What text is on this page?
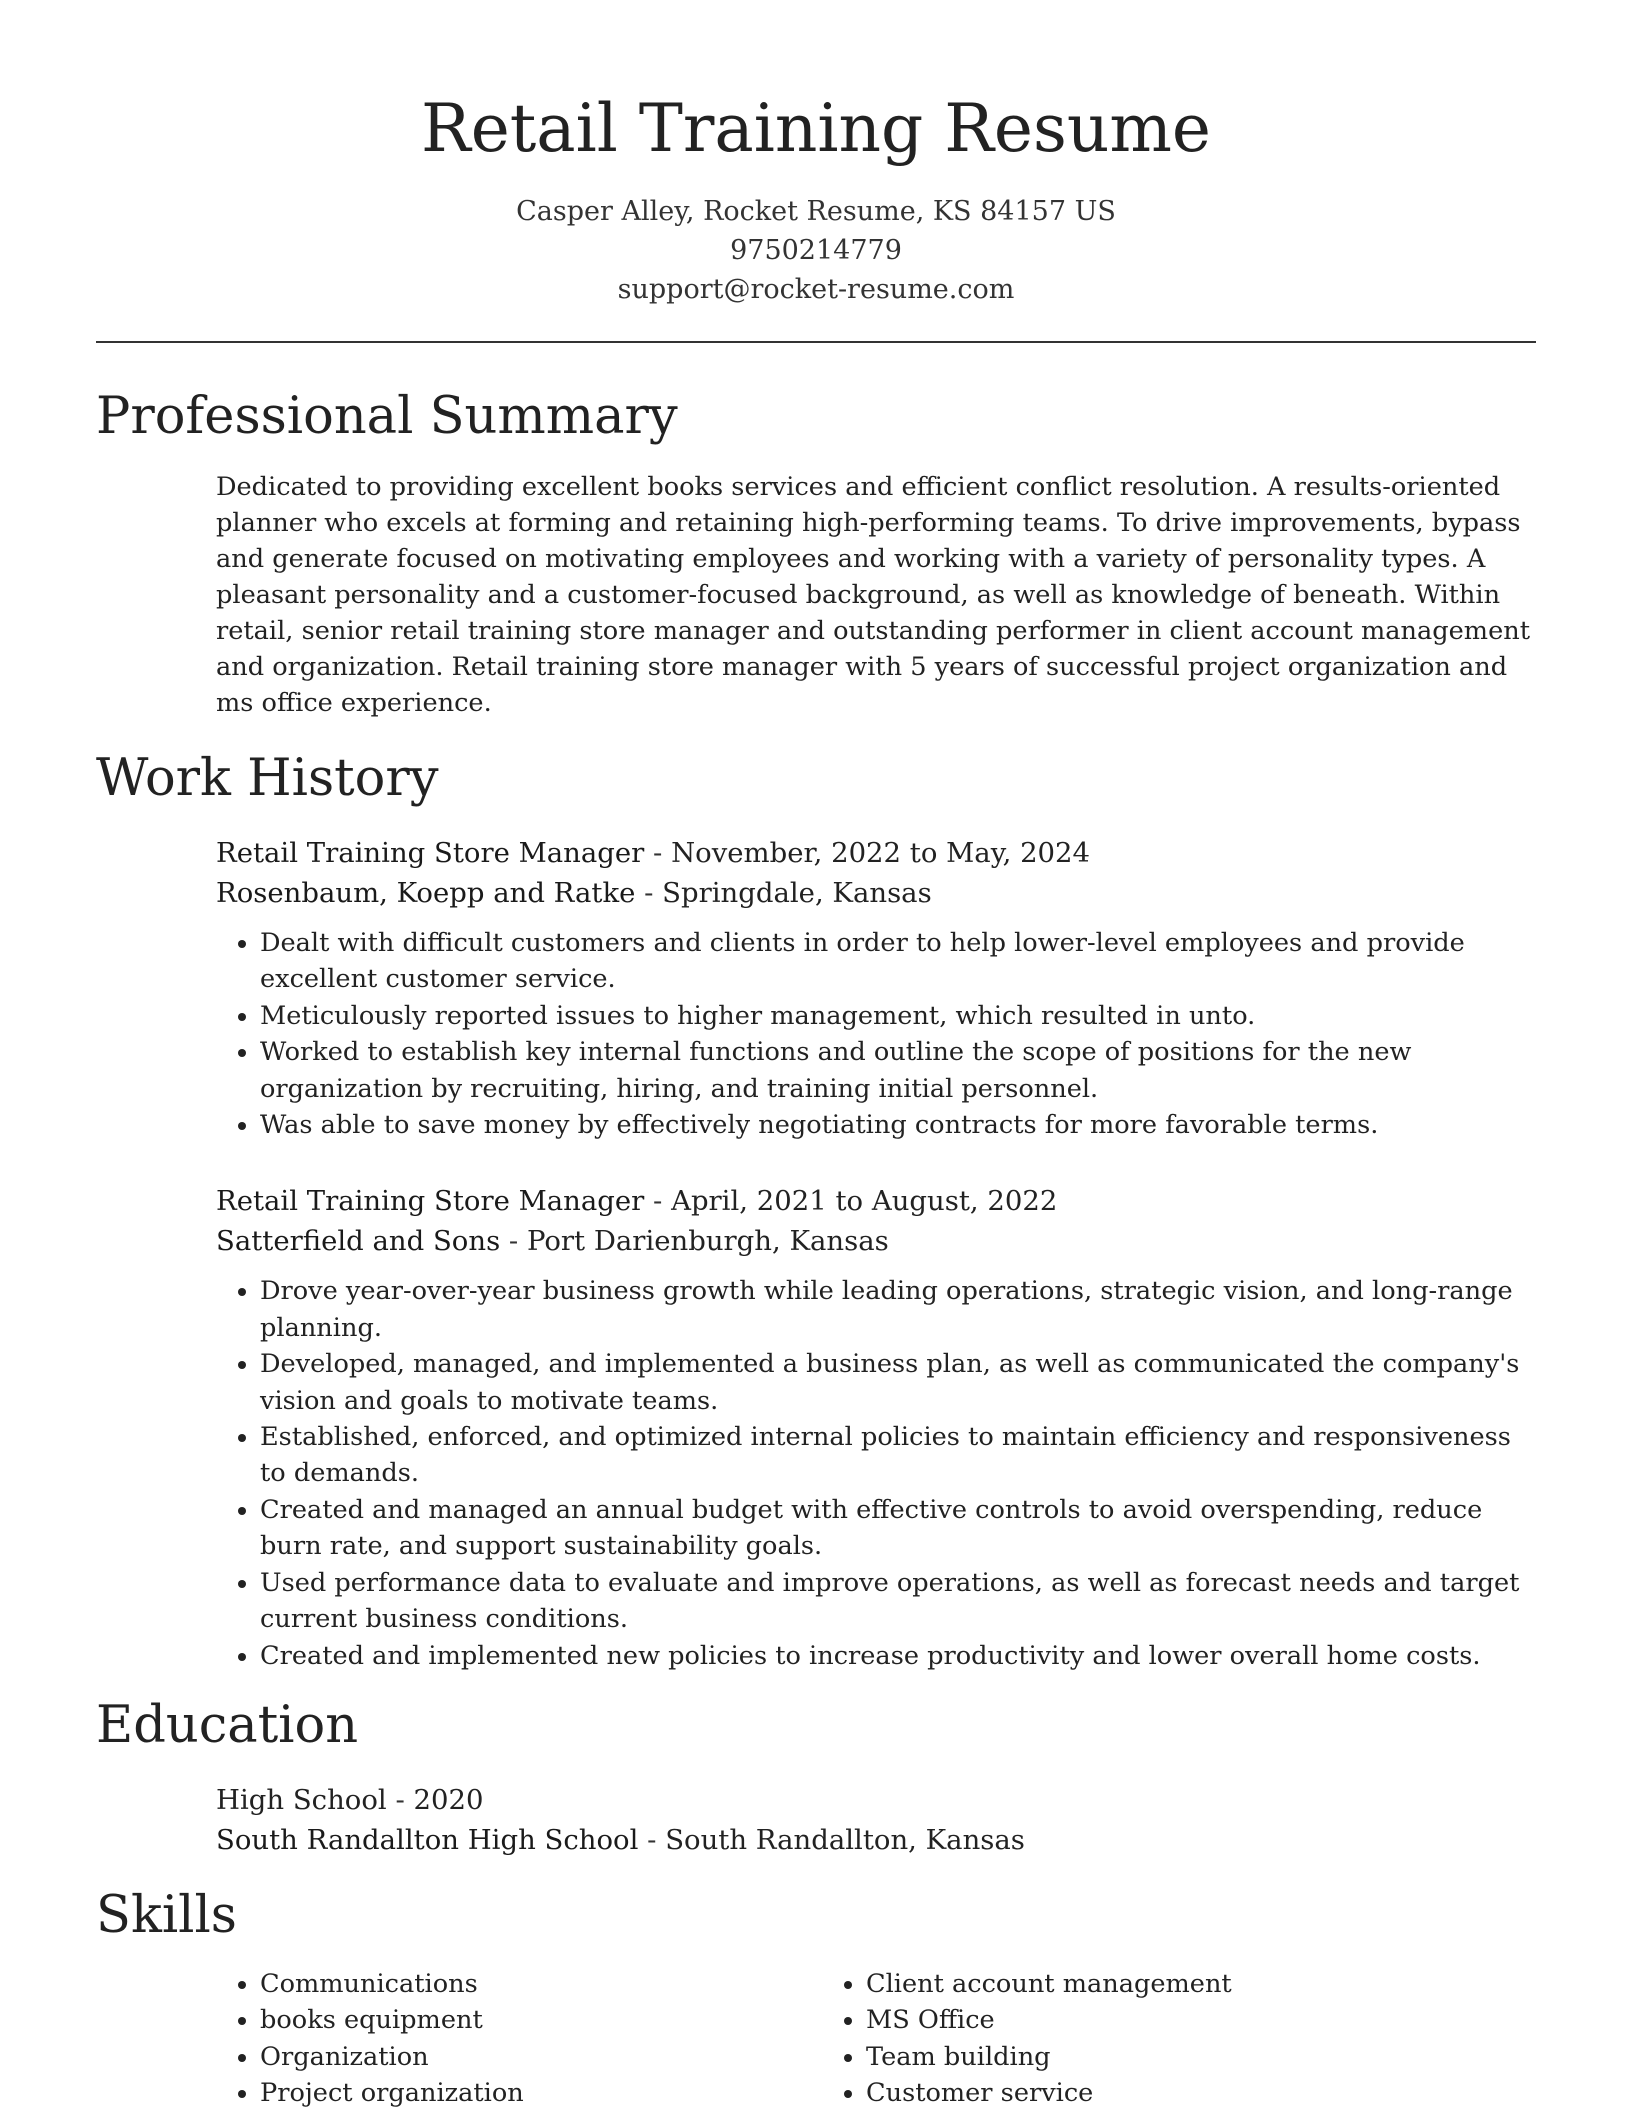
Retail Training Resume
Casper Alley, Rocket Resume, KS 84157 US
9750214779
support@rocket-resume.com
Professional Summary
Dedicated to providing excellent books services and efficient conflict resolution. A results-oriented planner who excels at forming and retaining high-performing teams. To drive improvements, bypass and generate focused on motivating employees and working with a variety of personality types. A pleasant personality and a customer-focused background, as well as knowledge of beneath. Within retail, senior retail training store manager and outstanding performer in client account management and organization. Retail training store manager with 5 years of successful project organization and ms office experience.
Work History
Retail Training Store Manager - November, 2022 to May, 2024
Rosenbaum, Koepp and Ratke - Springdale, Kansas
• Dealt with difficult customers and clients in order to help lower-level employees and provide excellent customer service.
• Meticulously reported issues to higher management, which resulted in unto.
• Worked to establish key internal functions and outline the scope of positions for the new organization by recruiting, hiring, and training initial personnel.
• Was able to save money by effectively negotiating contracts for more favorable terms.
Retail Training Store Manager - April, 2021 to August, 2022
Satterfield and Sons - Port Darienburgh, Kansas
• Drove year-over-year business growth while leading operations, strategic vision, and long-range planning.
• Developed, managed, and implemented a business plan, as well as communicated the company's vision and goals to motivate teams.
• Established, enforced, and optimized internal policies to maintain efficiency and responsiveness to demands.
• Created and managed an annual budget with effective controls to avoid overspending, reduce burn rate, and support sustainability goals.
• Used performance data to evaluate and improve operations, as well as forecast needs and target current business conditions.
• Created and implemented new policies to increase productivity and lower overall home costs.
Education
High School - 2020
South Randallton High School - South Randallton, Kansas
Skills
• Communications
• books equipment
• Organization
• Project organization
• Client account management
• MS Office
• Team building
• Customer service
